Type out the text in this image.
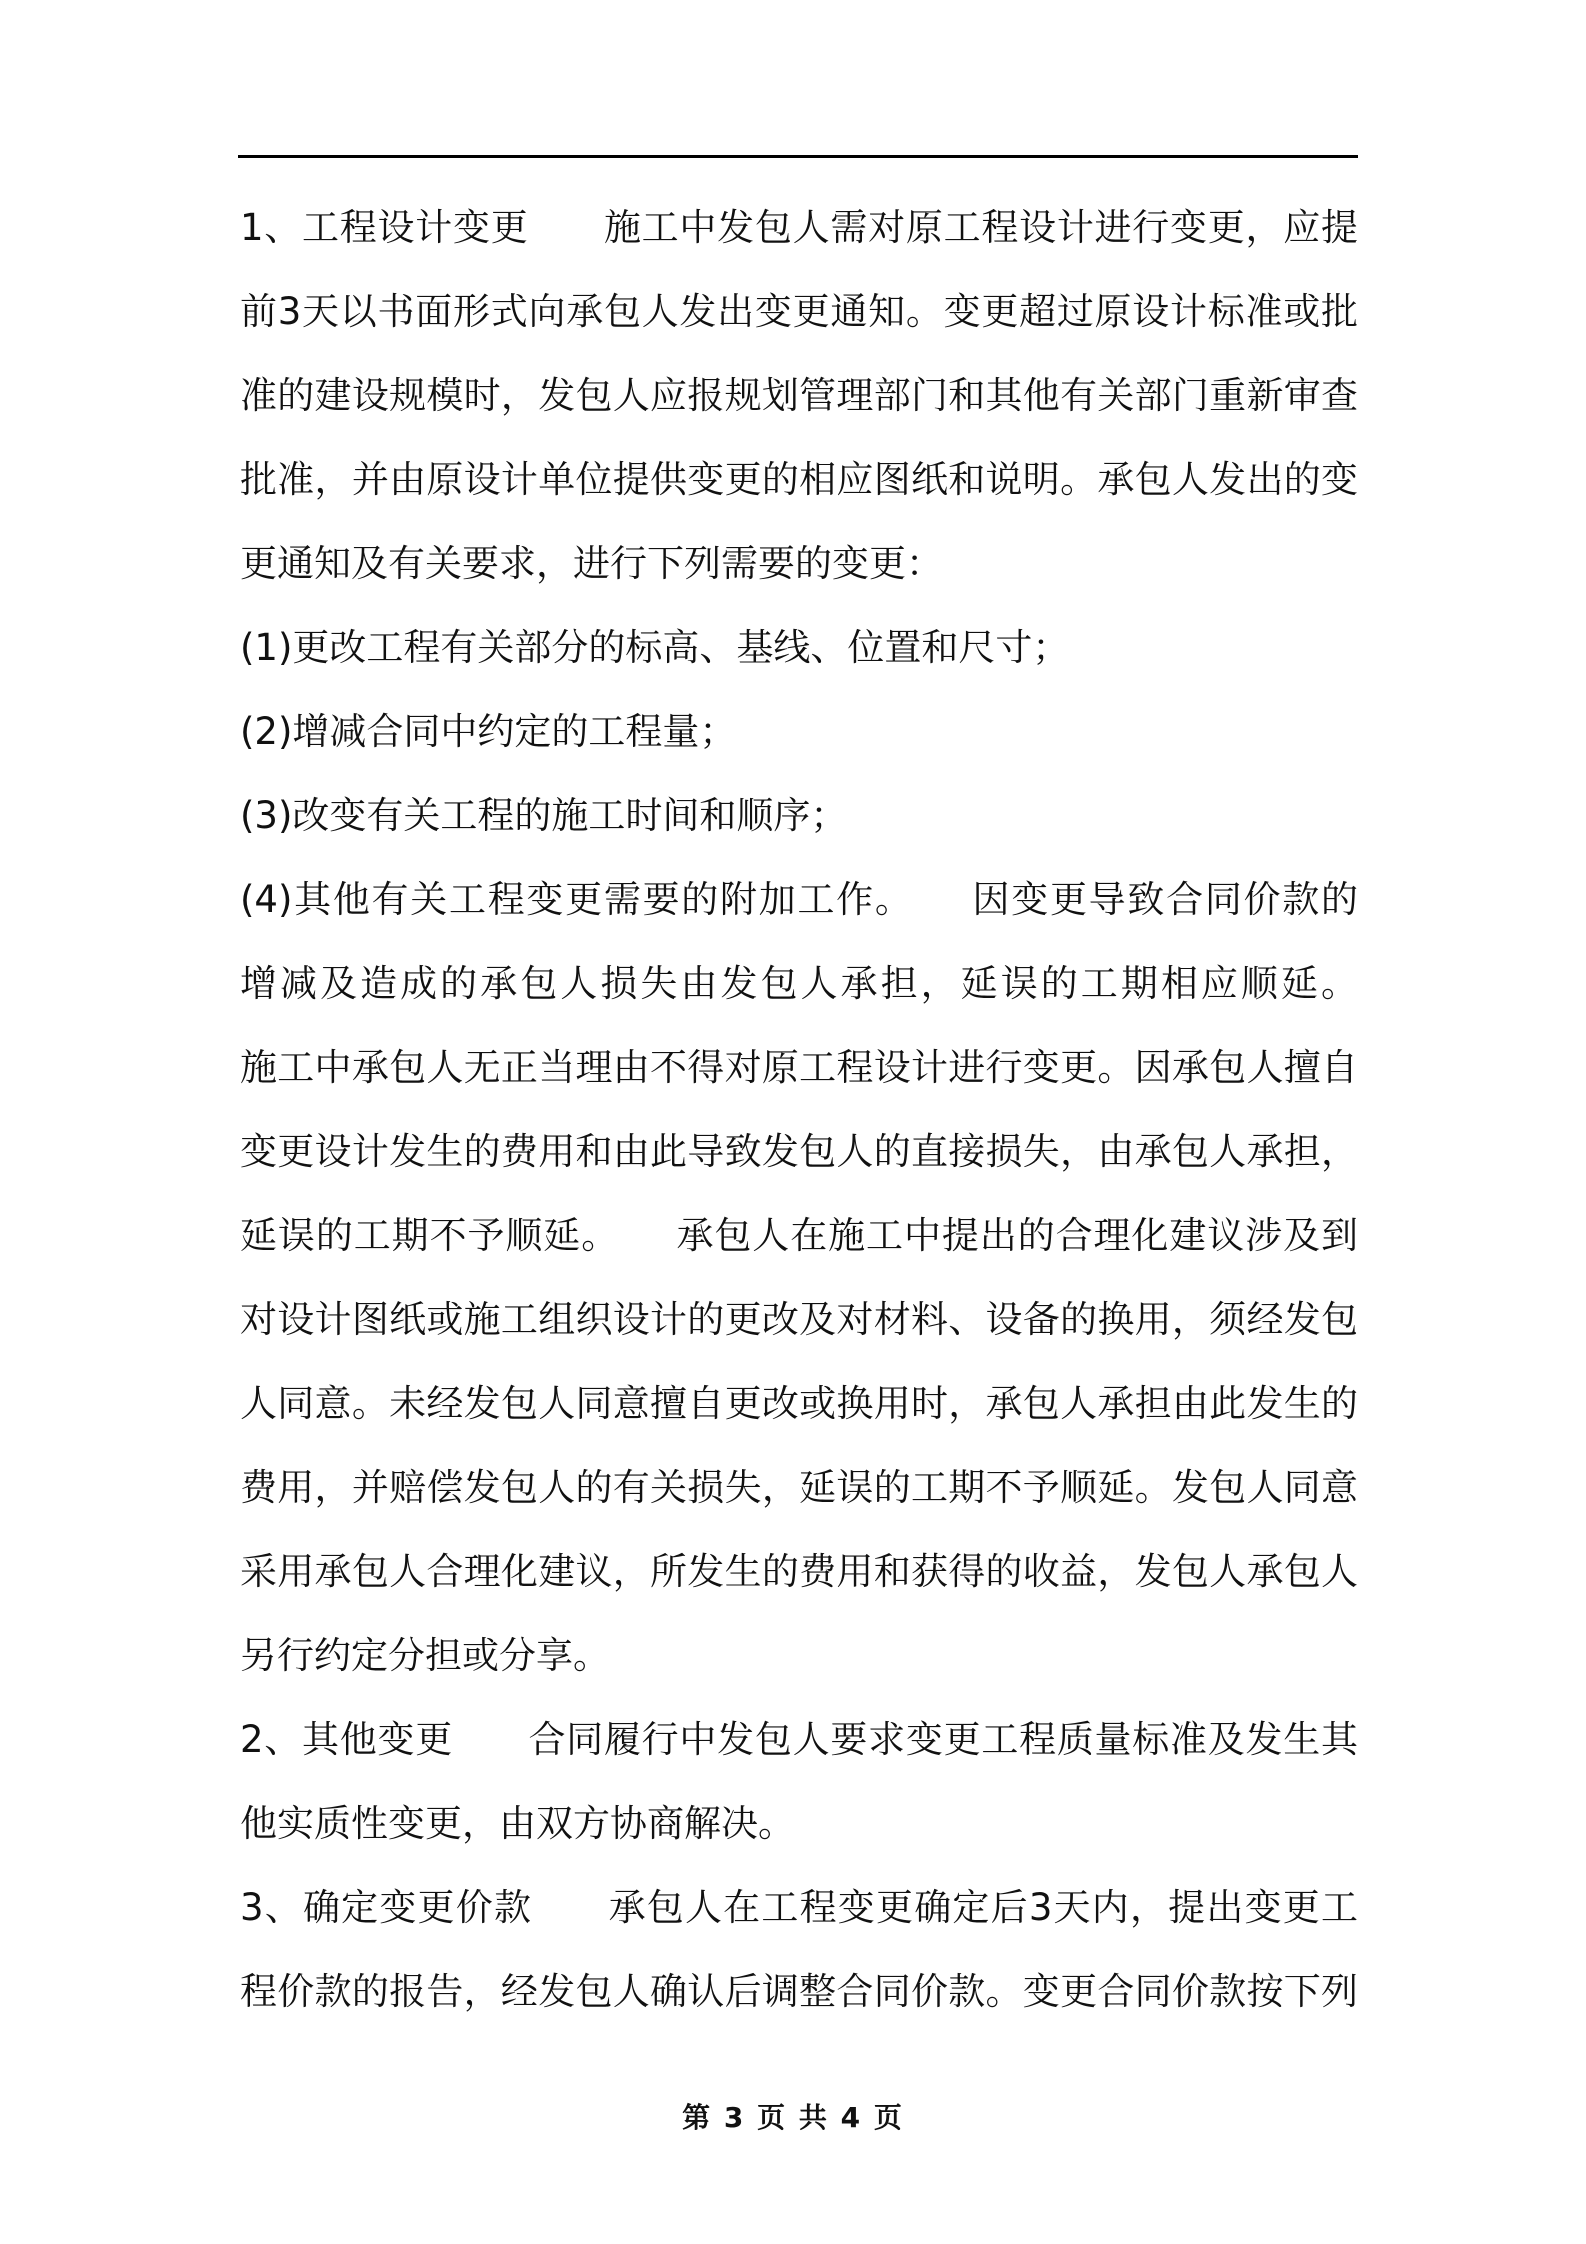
1、工程设计变更　　施工中发包人需对原工程设计进行变更，应提
前3天以书面形式向承包人发出变更通知。变更超过原设计标准或批
准的建设规模时，发包人应报规划管理部门和其他有关部门重新审查
批准，并由原设计单位提供变更的相应图纸和说明。承包人发出的变
更通知及有关要求，进行下列需要的变更：
(1)更改工程有关部分的标高、基线、位置和尺寸；
(2)增减合同中约定的工程量；
(3)改变有关工程的施工时间和顺序；
(4)其他有关工程变更需要的附加工作。　　因变更导致合同价款的
增减及造成的承包人损失由发包人承担，延误的工期相应顺延。
施工中承包人无正当理由不得对原工程设计进行变更。因承包人擅自
变更设计发生的费用和由此导致发包人的直接损失，由承包人承担，
延误的工期不予顺延。　　承包人在施工中提出的合理化建议涉及到
对设计图纸或施工组织设计的更改及对材料、设备的换用，须经发包
人同意。未经发包人同意擅自更改或换用时，承包人承担由此发生的
费用，并赔偿发包人的有关损失，延误的工期不予顺延。发包人同意
采用承包人合理化建议，所发生的费用和获得的收益，发包人承包人
另行约定分担或分享。
2、其他变更　　合同履行中发包人要求变更工程质量标准及发生其
他实质性变更，由双方协商解决。
3、确定变更价款　　承包人在工程变更确定后3天内，提出变更工
程价款的报告，经发包人确认后调整合同价款。变更合同价款按下列
第 3 页 共 4 页
